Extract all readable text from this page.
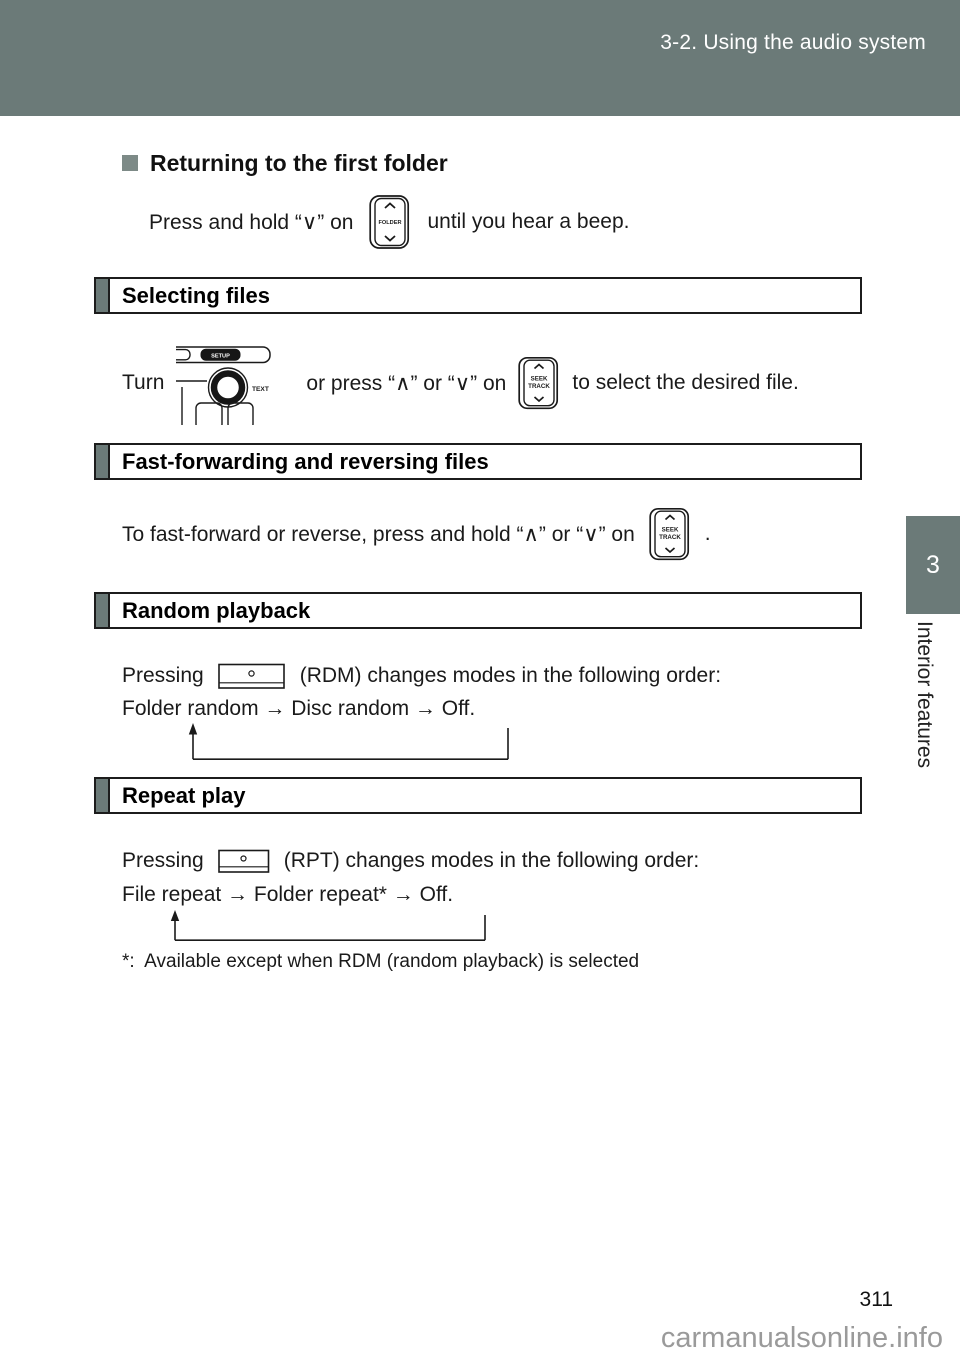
3-2. Using the audio system
Returning to the first folder
Press and hold “∨” on	FOLDER until you hear a beep.
Selecting files
Turn
SETUP
TEXT or press “∧” or “∨” on	SEEK
TRACK to select the desired file.
Fast-forwarding and reversing files
To fast-forward or reverse, press and hold “∧” or “∨” on	SEEK
TRACK .
Random playback
Pressing	(RDM) changes modes in the following order:
Folder random → Disc random → Off.
Repeat play
Pressing	(RPT) changes modes in the following order:
File repeat → Folder repeat* → Off.
*:  Available except when RDM (random playback) is selected
3
Interior features
311
carmanualsonline.info
